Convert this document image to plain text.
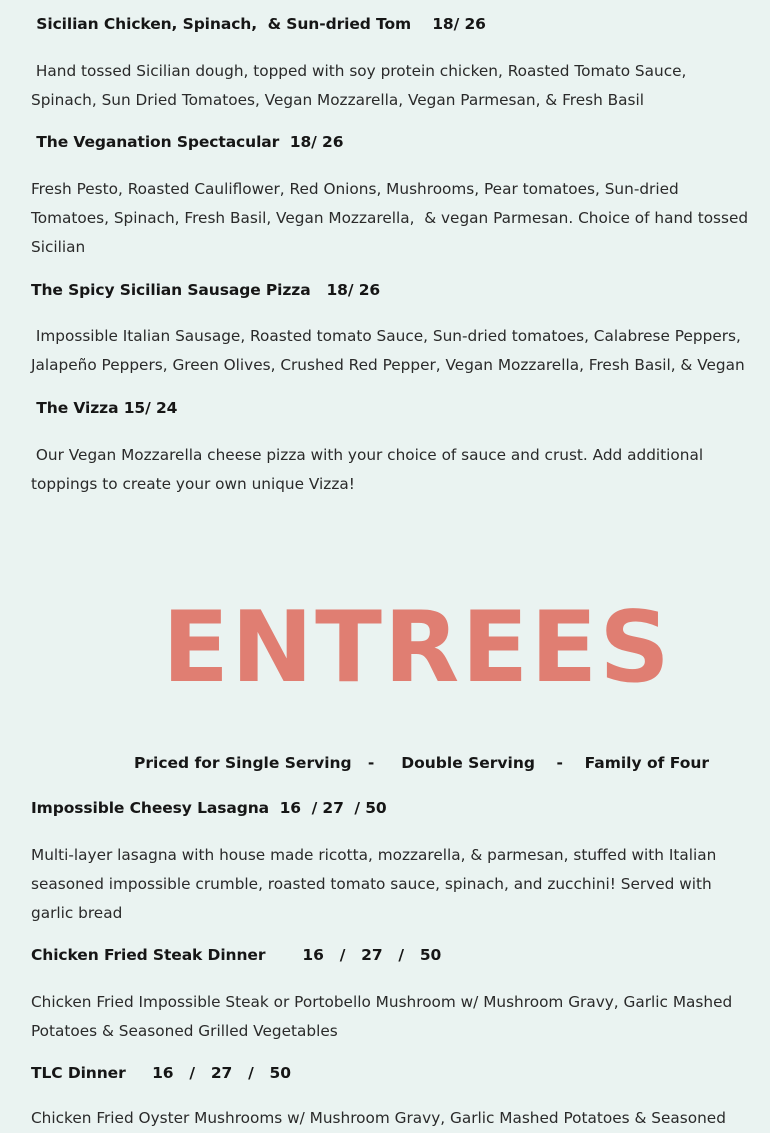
Sicilian Chicken, Spinach,  & Sun-dried Tom    18/ 26
Hand tossed Sicilian dough, topped with soy protein chicken, Roasted Tomato Sauce,
Spinach, Sun Dried Tomatoes, Vegan Mozzarella, Vegan Parmesan, & Fresh Basil
The Veganation Spectacular  18/ 26
Fresh Pesto, Roasted Cauliflower, Red Onions, Mushrooms, Pear tomatoes, Sun-dried
Tomatoes, Spinach, Fresh Basil, Vegan Mozzarella,  & vegan Parmesan. Choice of hand tossed
Sicilian
The Spicy Sicilian Sausage Pizza   18/ 26
Impossible Italian Sausage, Roasted tomato Sauce, Sun-dried tomatoes, Calabrese Peppers,
Jalapeño Peppers, Green Olives, Crushed Red Pepper, Vegan Mozzarella, Fresh Basil, & Vegan
The Vizza 15/ 24
Our Vegan Mozzarella cheese pizza with your choice of sauce and crust. Add additional
toppings to create your own unique Vizza!
ENTREES
Priced for Single Serving   -     Double Serving    -    Family of Four
Impossible Cheesy Lasagna  16  / 27  / 50
Multi-layer lasagna with house made ricotta, mozzarella, & parmesan, stuffed with Italian
seasoned impossible crumble, roasted tomato sauce, spinach, and zucchini! Served with
garlic bread
Chicken Fried Steak Dinner       16   /   27   /   50
Chicken Fried Impossible Steak or Portobello Mushroom w/ Mushroom Gravy, Garlic Mashed
Potatoes & Seasoned Grilled Vegetables
TLC Dinner     16   /   27   /   50
Chicken Fried Oyster Mushrooms w/ Mushroom Gravy, Garlic Mashed Potatoes & Seasoned
